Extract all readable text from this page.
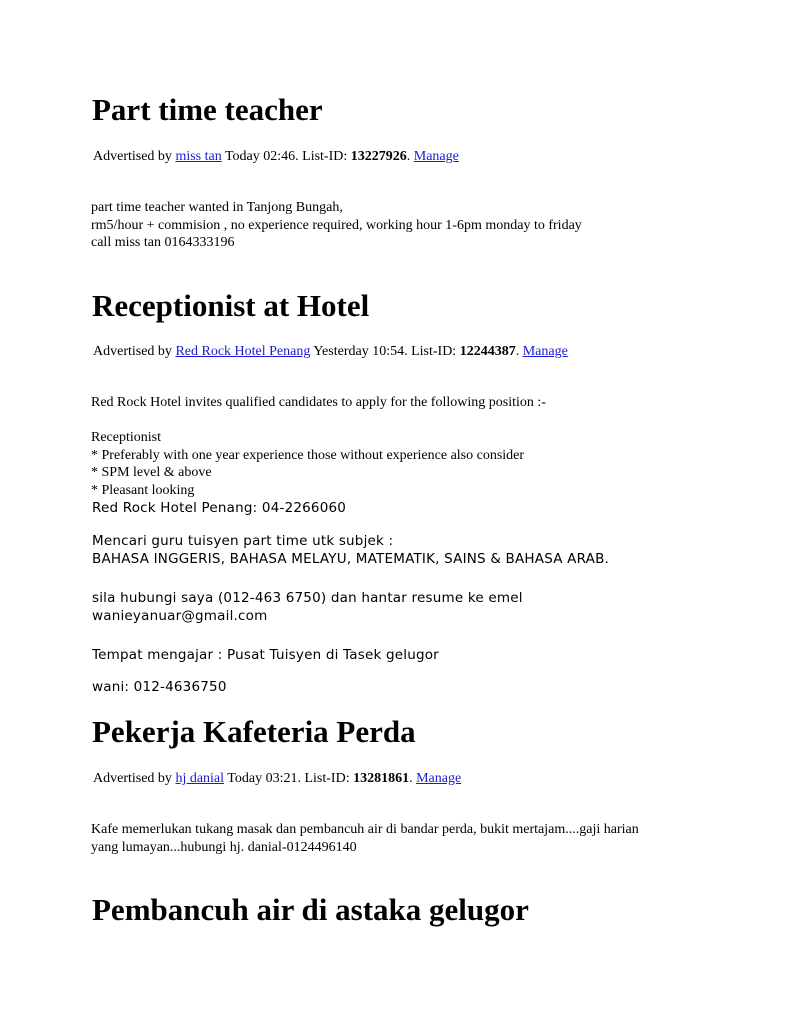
Part time teacher
Advertised by miss tan Today 02:46. List-ID: 13227926. Manage
part time teacher wanted in Tanjong Bungah,
rm5/hour + commision , no experience required, working hour 1-6pm monday to friday
call miss tan 0164333196
Receptionist at Hotel
Advertised by Red Rock Hotel Penang Yesterday 10:54. List-ID: 12244387. Manage
Red Rock Hotel invites qualified candidates to apply for the following position :-

Receptionist
* Preferably with one year experience those without experience also consider
* SPM level & above
* Pleasant looking
Red Rock Hotel Penang: 04-2266060
Mencari guru tuisyen part time utk subjek :
BAHASA INGGERIS, BAHASA MELAYU, MATEMATIK, SAINS & BAHASA ARAB.
sila hubungi saya (012-463 6750) dan hantar resume ke emel
wanieyanuar@gmail.com
Tempat mengajar : Pusat Tuisyen di Tasek gelugor
wani: 012-4636750
Pekerja Kafeteria Perda
Advertised by hj danial Today 03:21. List-ID: 13281861. Manage
Kafe memerlukan tukang masak dan pembancuh air di bandar perda, bukit mertajam....gaji harian
yang lumayan...hubungi hj. danial-0124496140
Pembancuh air di astaka gelugor
